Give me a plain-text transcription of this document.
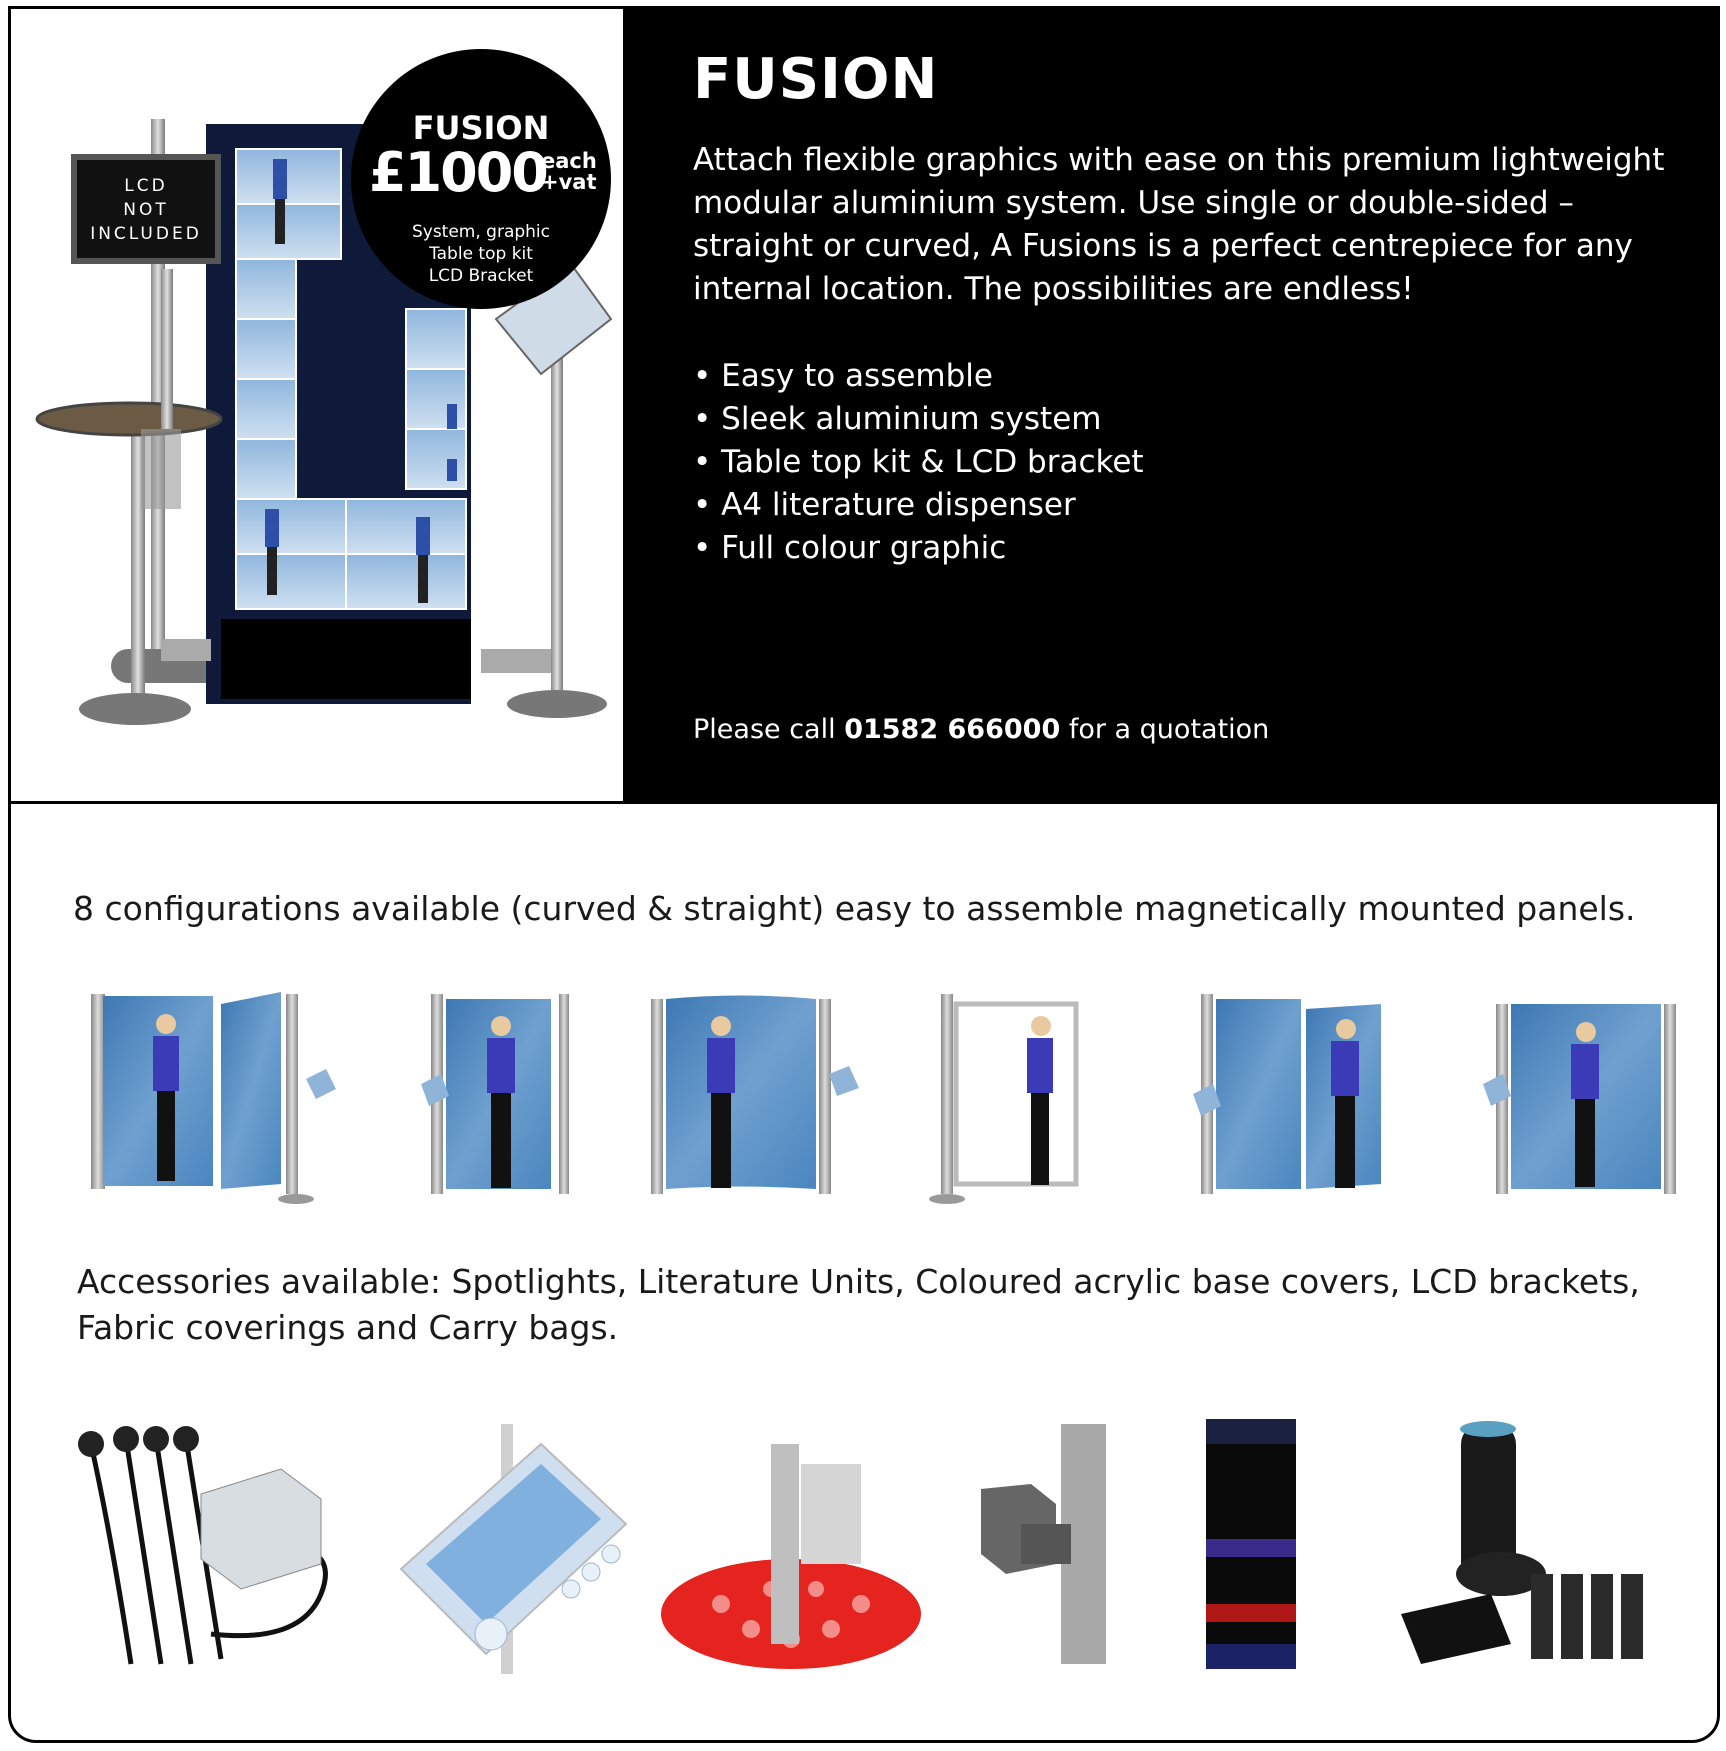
LCD
NOT
INCLUDED
FUSION
£1000
each
+vat
System, graphic
Table top kit
LCD Bracket
FUSION
Attach flexible graphics with ease on this premium lightweight modular aluminium system. Use single or double-sided – straight or curved, A Fusions is a perfect centrepiece for any internal location. The possibilities are endless!
• Easy to assemble
• Sleek aluminium system
• Table top kit & LCD bracket
• A4 literature dispenser
• Full colour graphic
Please call 01582 666000 for a quotation
8 configurations available (curved & straight) easy to assemble magnetically mounted panels.
Accessories available: Spotlights, Literature Units, Coloured acrylic base covers, LCD brackets, Fabric coverings and Carry bags.
